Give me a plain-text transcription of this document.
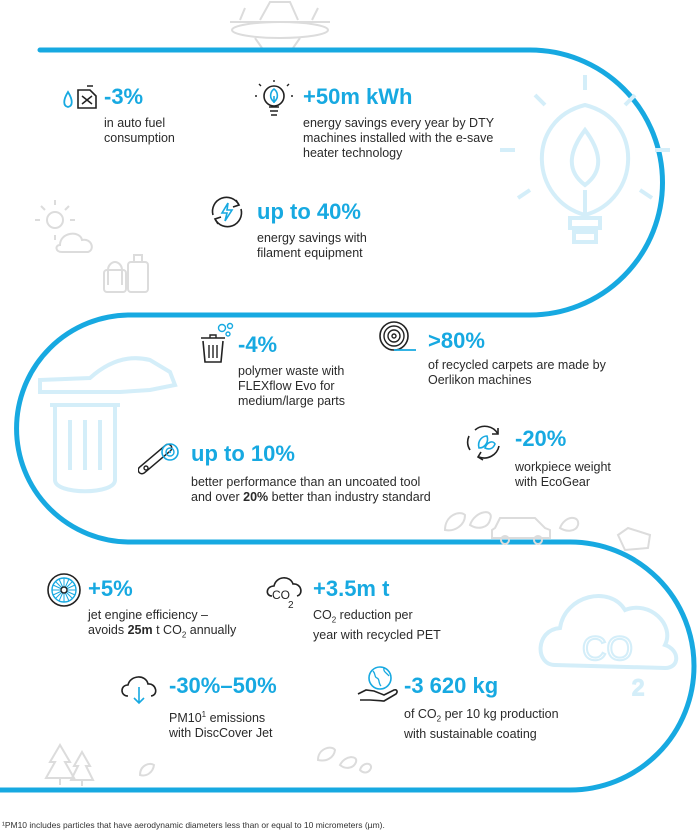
CO
2
-3%
in auto fuel
consumption
+50m kWh
energy savings every year by DTY
machines installed with the e-save
heater technology
up to 40%
energy savings with
filament equipment
-4%
polymer waste with
FLEXflow Evo for
medium/large parts
>80%
of recycled carpets are made by
Oerlikon machines
up to 10%
better performance than an uncoated tool
and over 20% better than industry standard
-20%
workpiece weight
with EcoGear
+5%
jet engine efficiency –
avoids 25m t $CO_2$ annually
CO
2
+3.5m t
$CO_2$ reduction per
year with recycled PET
-30%–50%
$PM10^1$ emissions
with DiscCover Jet
-3 620 kg
of $CO_2$ per 10 kg production
with sustainable coating
¹PM10 includes particles that have aerodynamic diameters less than or equal to 10 micrometers (µm).
